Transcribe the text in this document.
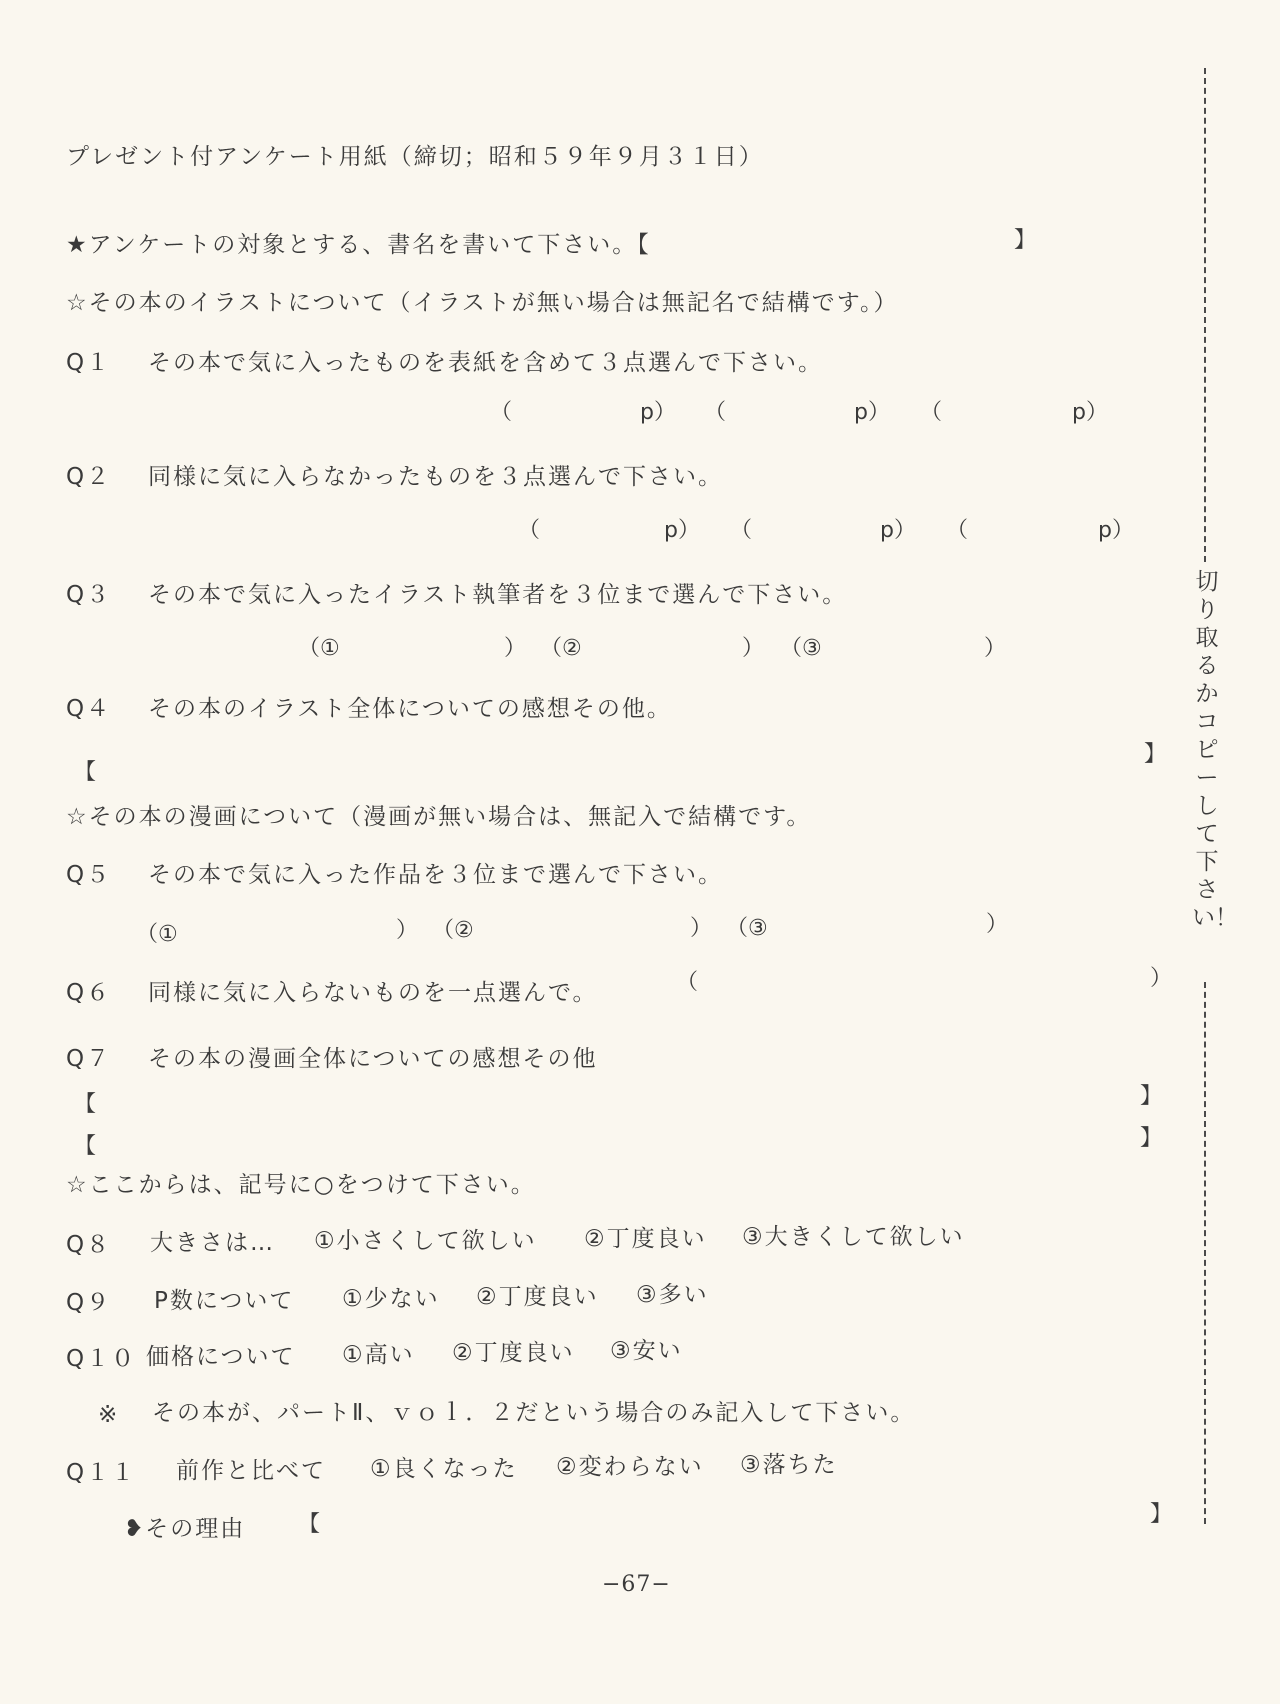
プレゼント付アンケート用紙（締切；昭和５９年９月３１日）
★アンケートの対象とする、書名を書いて下さい。【	】
☆その本のイラストについて（イラストが無い場合は無記名で結構です。）
Q１ その本で気に入ったものを表紙を含めて３点選んで下さい。
（	p） （	p） （	p）
Q２ 同様に気に入らなかったものを３点選んで下さい。
（	p） （	p） （	p）
Q３ その本で気に入ったイラスト執筆者を３位まで選んで下さい。
（①	） （②	） （③	）
Q４ その本のイラスト全体についての感想その他。
【
】
☆その本の漫画について（漫画が無い場合は、無記入で結構です。
Q５ その本で気に入った作品を３位まで選んで下さい。
（①	） （②	） （③	）
Q６ 同様に気に入らないものを一点選んで。	（	）
Q７ その本の漫画全体についての感想その他
【	】
【	】
☆ここからは、記号に○をつけて下さい。
Q８ 大きさは… ①小さくして欲しい ②丁度良い ③大きくして欲しい
Q９ P数について ①少ない ②丁度良い ③多い
Q１０ 価格について ①高い ②丁度良い ③安い
※ その本が、パートⅡ、ｖｏｌ．２だという場合のみ記入して下さい。
Q１１ 前作と比べて ①良くなった ②変わらない ③落ちた
❥その理由 【	】
切り取るかコピーして下さい！
−67−
